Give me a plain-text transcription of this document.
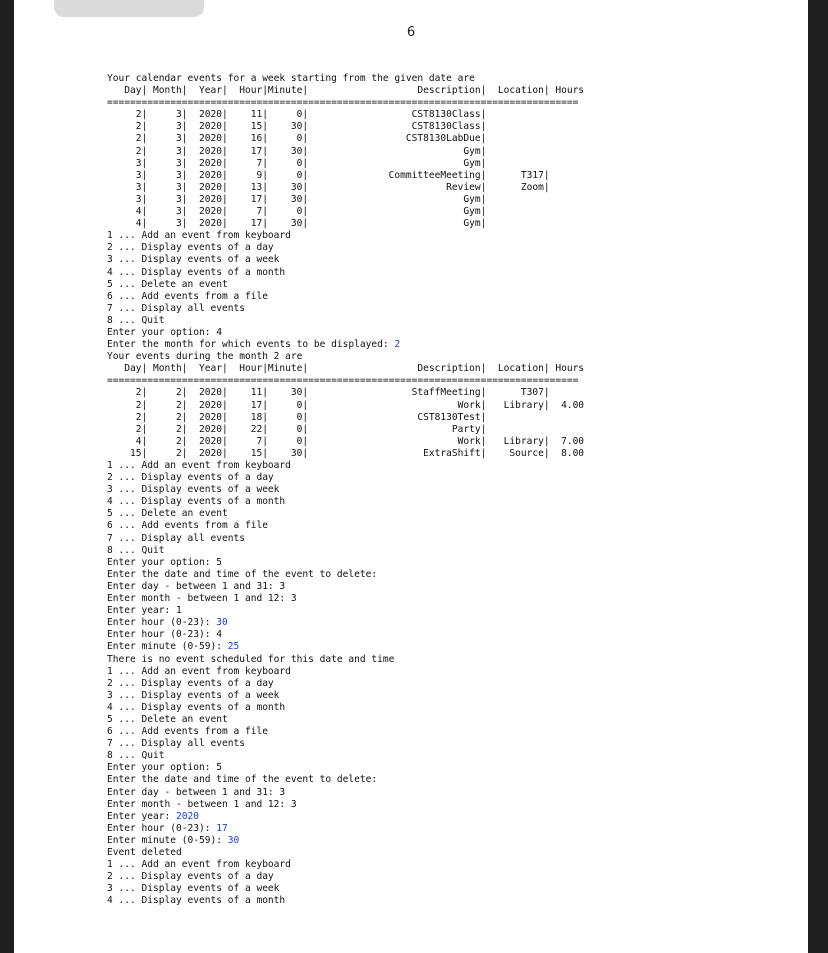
6
Your calendar events for a week starting from the given date are
Day| Month|  Year|  Hour|Minute|                   Description|  Location| Hours
==================================================================================
2|     3|  2020|    11|     0|                  CST8130Class|
2|     3|  2020|    15|    30|                  CST8130Class|
2|     3|  2020|    16|     0|                 CST8130LabDue|
2|     3|  2020|    17|    30|                           Gym|
3|     3|  2020|     7|     0|                           Gym|
3|     3|  2020|     9|     0|              CommitteeMeeting|      T317|
3|     3|  2020|    13|    30|                        Review|      Zoom|
3|     3|  2020|    17|    30|                           Gym|
4|     3|  2020|     7|     0|                           Gym|
4|     3|  2020|    17|    30|                           Gym|
1 ... Add an event from keyboard
2 ... Display events of a day
3 ... Display events of a week
4 ... Display events of a month
5 ... Delete an event
6 ... Add events from a file
7 ... Display all events
8 ... Quit
Enter your option: 4
Enter the month for which events to be displayed: 2
Your events during the month 2 are
Day| Month|  Year|  Hour|Minute|                   Description|  Location| Hours
==================================================================================
2|     2|  2020|    11|    30|                  StaffMeeting|      T307|
2|     2|  2020|    17|     0|                          Work|   Library|  4.00
2|     2|  2020|    18|     0|                   CST8130Test|
2|     2|  2020|    22|     0|                         Party|
4|     2|  2020|     7|     0|                          Work|   Library|  7.00
15|     2|  2020|    15|    30|                    ExtraShift|    Source|  8.00
1 ... Add an event from keyboard
2 ... Display events of a day
3 ... Display events of a week
4 ... Display events of a month
5 ... Delete an event
6 ... Add events from a file
7 ... Display all events
8 ... Quit
Enter your option: 5
Enter the date and time of the event to delete:
Enter day - between 1 and 31: 3
Enter month - between 1 and 12: 3
Enter year: 1
Enter hour (0-23): 30
Enter hour (0-23): 4
Enter minute (0-59): 25
There is no event scheduled for this date and time
1 ... Add an event from keyboard
2 ... Display events of a day
3 ... Display events of a week
4 ... Display events of a month
5 ... Delete an event
6 ... Add events from a file
7 ... Display all events
8 ... Quit
Enter your option: 5
Enter the date and time of the event to delete:
Enter day - between 1 and 31: 3
Enter month - between 1 and 12: 3
Enter year: 2020
Enter hour (0-23): 17
Enter minute (0-59): 30
Event deleted
1 ... Add an event from keyboard
2 ... Display events of a day
3 ... Display events of a week
4 ... Display events of a month
